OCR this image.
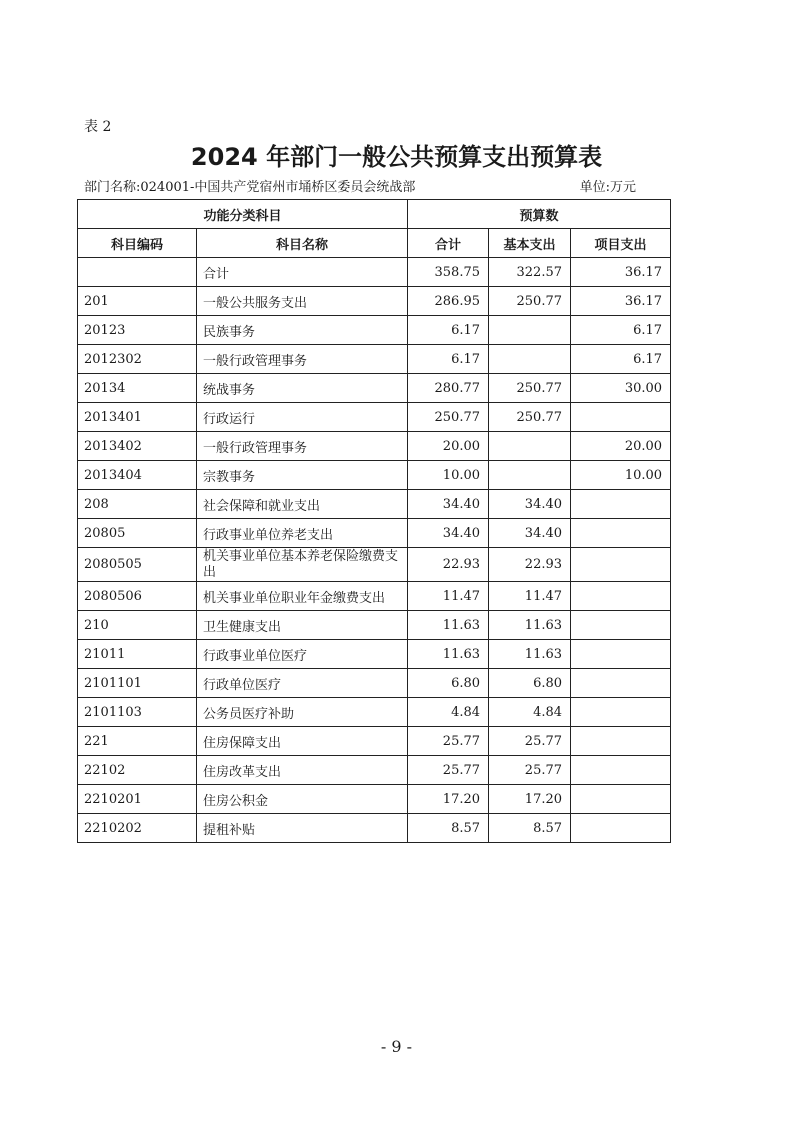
表 2
2024 年部门一般公共预算支出预算表
部门名称:024001-中国共产党宿州市埇桥区委员会统战部	单位:万元
功能分类科目		预算数		
科目编码	科目名称	合计	基本支出	项目支出
	合计	358.75	322.57	36.17
201	一般公共服务支出	286.95	250.77	36.17
20123	民族事务	6.17		6.17
2012302	一般行政管理事务	6.17		6.17
20134	统战事务	280.77	250.77	30.00
2013401	行政运行	250.77	250.77	
2013402	一般行政管理事务	20.00		20.00
2013404	宗教事务	10.00		10.00
208	社会保障和就业支出	34.40	34.40	
20805	行政事业单位养老支出	34.40	34.40	
2080505	机关事业单位基本养老保险缴费支出	22.93	22.93	
2080506	机关事业单位职业年金缴费支出	11.47	11.47	
210	卫生健康支出	11.63	11.63	
21011	行政事业单位医疗	11.63	11.63	
2101101	行政单位医疗	6.80	6.80	
2101103	公务员医疗补助	4.84	4.84	
221	住房保障支出	25.77	25.77	
22102	住房改革支出	25.77	25.77	
2210201	住房公积金	17.20	17.20	
2210202	提租补贴	8.57	8.57	
- 9 -
